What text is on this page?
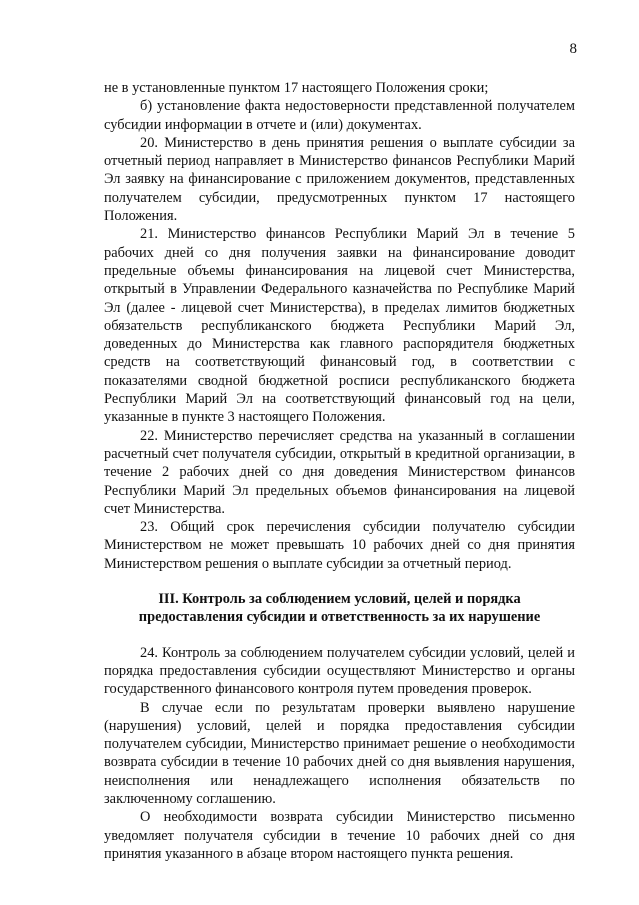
8

не в установленные пунктом 17 настоящего Положения сроки;

б) установление факта недостоверности представленной получателем субсидии информации в отчете и (или) документах.

20. Министерство в день принятия решения о выплате субсидии за отчетный период направляет в Министерство финансов Республики Марий Эл заявку на финансирование с приложением документов, представленных получателем субсидии, предусмотренных пунктом 17 настоящего Положения.

21. Министерство финансов Республики Марий Эл в течение 5 рабочих дней со дня получения заявки на финансирование доводит предельные объемы финансирования на лицевой счет Министерства, открытый в Управлении Федерального казначейства по Республике Марий Эл (далее - лицевой счет Министерства), в пределах лимитов бюджетных обязательств республиканского бюджета Республики Марий Эл, доведенных до Министерства как главного распорядителя бюджетных средств на соответствующий финансовый год, в соответствии с показателями сводной бюджетной росписи республиканского бюджета Республики Марий Эл на соответствующий финансовый год на цели, указанные в пункте 3 настоящего Положения.

22. Министерство перечисляет средства на указанный в соглашении расчетный счет получателя субсидии, открытый в кредитной организации, в течение 2 рабочих дней со дня доведения Министерством финансов Республики Марий Эл предельных объемов финансирования на лицевой счет Министерства.

23. Общий срок перечисления субсидии получателю субсидии Министерством не может превышать 10 рабочих дней со дня принятия Министерством решения о выплате субсидии за отчетный период.

III. Контроль за соблюдением условий, целей и порядка
предоставления субсидии и ответственность за их нарушение

24. Контроль за соблюдением получателем субсидии условий, целей и порядка предоставления субсидии осуществляют Министерство и органы государственного финансового контроля путем проведения проверок.

В случае если по результатам проверки выявлено нарушение (нарушения) условий, целей и порядка предоставления субсидии получателем субсидии, Министерство принимает решение о необходимости возврата субсидии в течение 10 рабочих дней со дня выявления нарушения, неисполнения или ненадлежащего исполнения обязательств по заключенному соглашению.

О необходимости возврата субсидии Министерство письменно уведомляет получателя субсидии в течение 10 рабочих дней со дня принятия указанного в абзаце втором настоящего пункта решения.
